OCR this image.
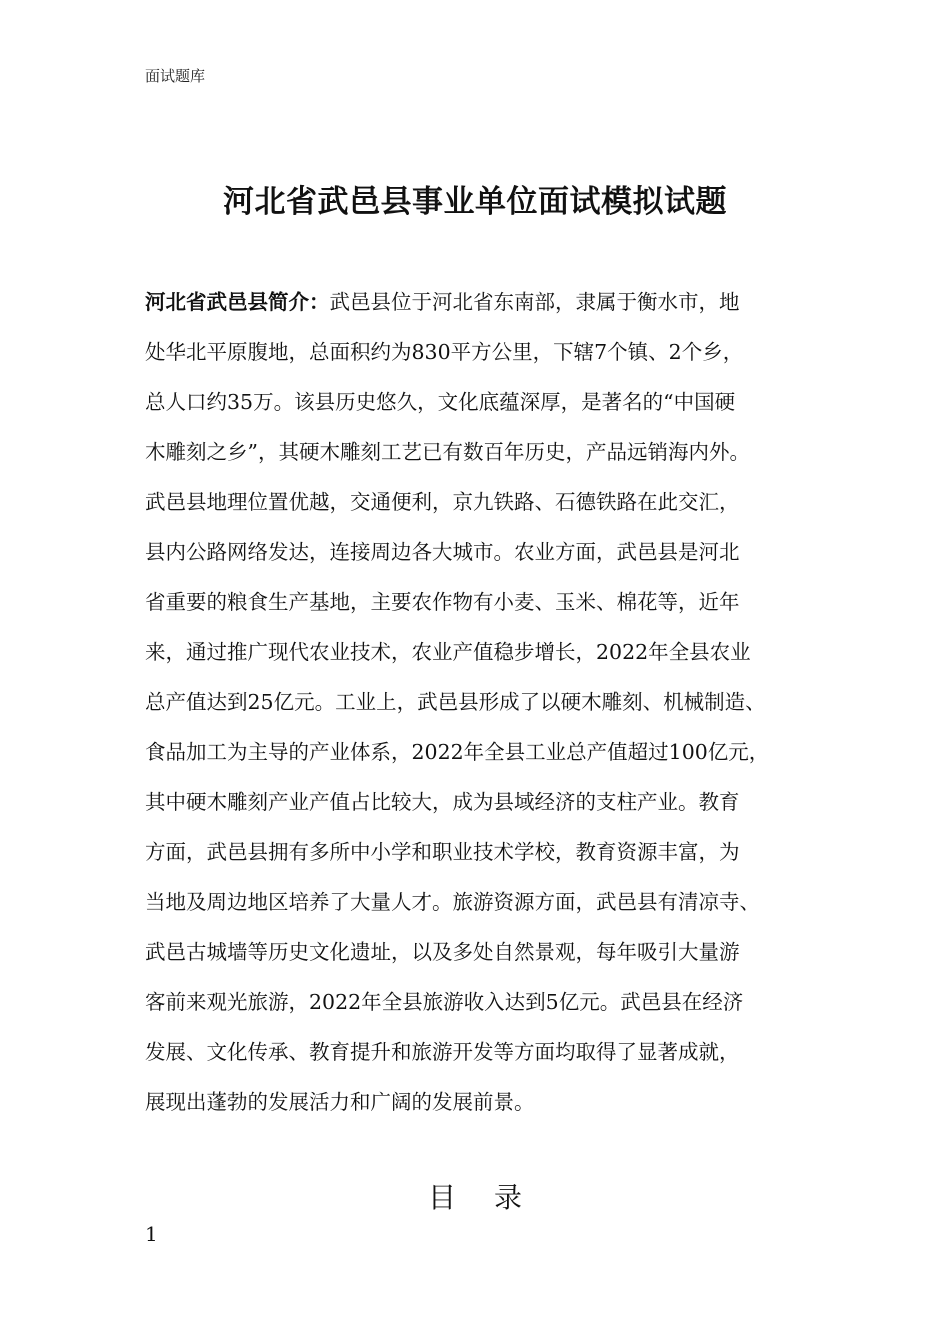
面试题库
河北省武邑县事业单位面试模拟试题
河北省武邑县简介：武邑县位于河北省东南部，隶属于衡水市，地
处华北平原腹地，总面积约为830平方公里，下辖7个镇、2个乡，
总人口约35万。该县历史悠久，文化底蕴深厚，是著名的“中国硬
木雕刻之乡”，其硬木雕刻工艺已有数百年历史，产品远销海内外。
武邑县地理位置优越，交通便利，京九铁路、石德铁路在此交汇，
县内公路网络发达，连接周边各大城市。农业方面，武邑县是河北
省重要的粮食生产基地，主要农作物有小麦、玉米、棉花等，近年
来，通过推广现代农业技术，农业产值稳步增长，2022年全县农业
总产值达到25亿元。工业上，武邑县形成了以硬木雕刻、机械制造、
食品加工为主导的产业体系，2022年全县工业总产值超过100亿元，
其中硬木雕刻产业产值占比较大，成为县域经济的支柱产业。教育
方面，武邑县拥有多所中小学和职业技术学校，教育资源丰富，为
当地及周边地区培养了大量人才。旅游资源方面，武邑县有清凉寺、
武邑古城墙等历史文化遗址，以及多处自然景观，每年吸引大量游
客前来观光旅游，2022年全县旅游收入达到5亿元。武邑县在经济
发展、文化传承、教育提升和旅游开发等方面均取得了显著成就，
展现出蓬勃的发展活力和广阔的发展前景。
目 录
1
